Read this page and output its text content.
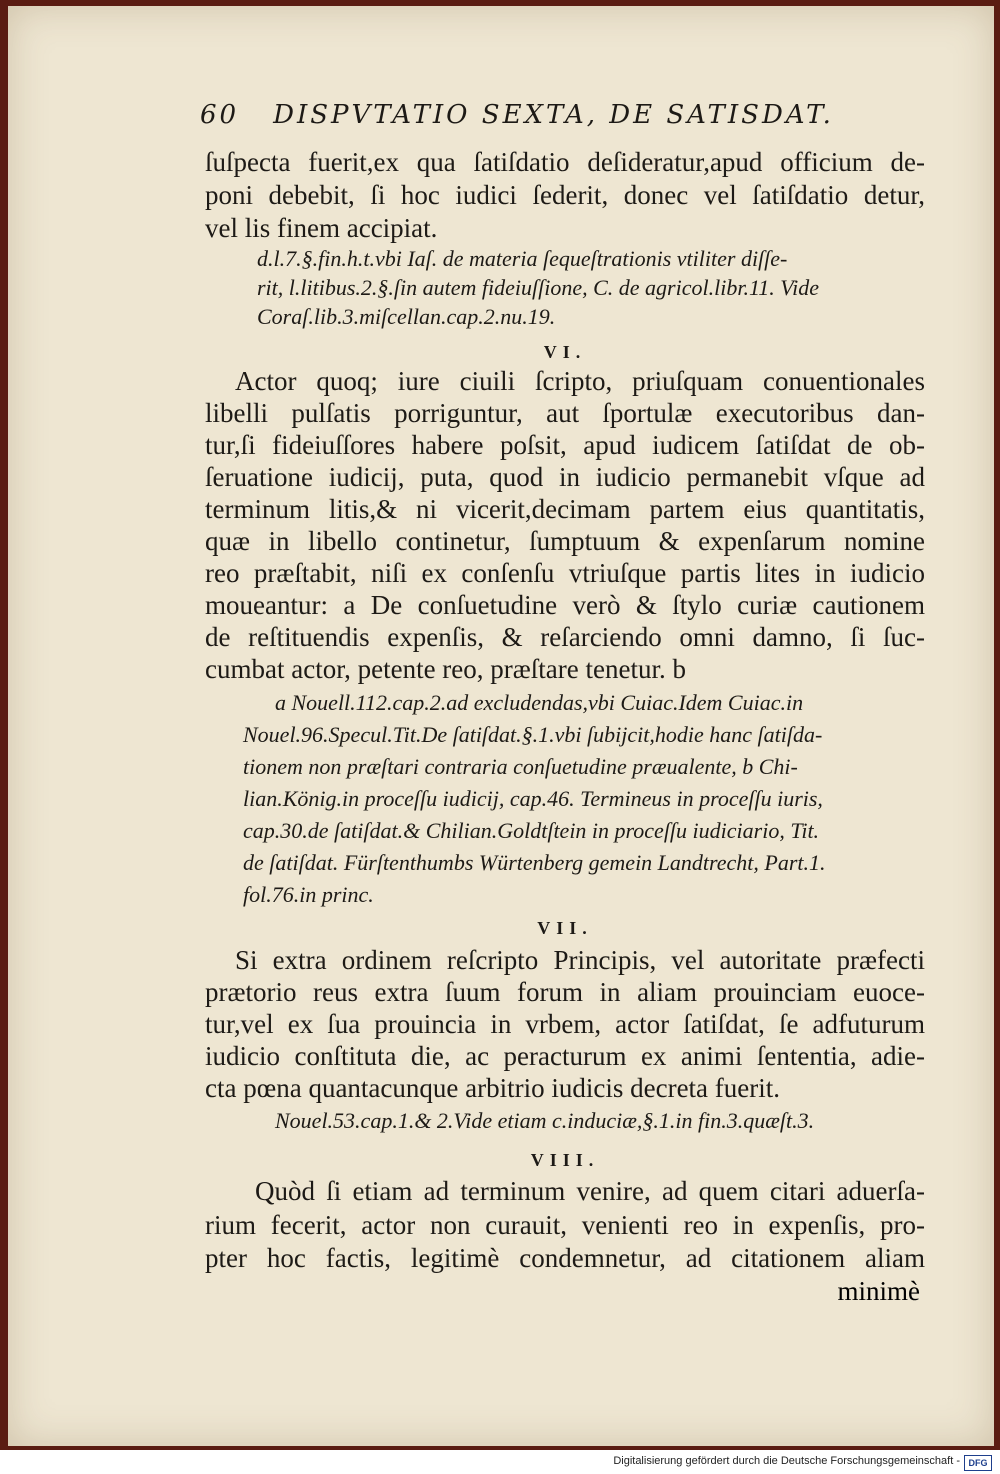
60 DISPVTATIO SEXTA, DE SATISDAT.
ſuſpecta fuerit,ex qua ſatiſdatio deſideratur,apud officium de-
poni debebit, ſi hoc iudici ſederit, donec vel ſatiſdatio detur,
vel lis finem accipiat.
d.l.7.§.fin.h.t.vbi Iaſ. de materia ſequeſtrationis vtiliter diſſe-
rit, l.litibus.2.§.ſin autem fideiuſſione, C. de agricol.libr.11. Vide
Coraſ.lib.3.miſcellan.cap.2.nu.19.
VI.
Actor quoq; iure ciuili ſcripto, priuſquam conuentionales
libelli pulſatis porriguntur, aut ſportulæ executoribus dan-
tur,ſi fideiuſſores habere poſsit, apud iudicem ſatiſdat de ob-
ſeruatione iudicij, puta, quod in iudicio permanebit vſque ad
terminum litis,& ni vicerit,decimam partem eius quantitatis,
quæ in libello continetur, ſumptuum & expenſarum nomine
reo præſtabit, niſi ex conſenſu vtriuſque partis lites in iudicio
moueantur: a De conſuetudine verò & ſtylo curiæ cautionem
de reſtituendis expenſis, & reſarciendo omni damno, ſi ſuc-
cumbat actor, petente reo, præſtare tenetur. b
a Nouell.112.cap.2.ad excludendas,vbi Cuiac.Idem Cuiac.in
Nouel.96.Specul.Tit.De ſatiſdat.§.1.vbi ſubijcit,hodie hanc ſatiſda-
tionem non præſtari contraria conſuetudine præualente, b Chi-
lian.König.in proceſſu iudicij, cap.46. Termineus in proceſſu iuris,
cap.30.de ſatiſdat.& Chilian.Goldtſtein in proceſſu iudiciario, Tit.
de ſatiſdat. Fürſtenthumbs Würtenberg gemein Landtrecht, Part.1.
fol.76.in princ.
VII.
Si extra ordinem reſcripto Principis, vel autoritate præfecti
prætorio reus extra ſuum forum in aliam prouinciam euoce-
tur,vel ex ſua prouincia in vrbem, actor ſatiſdat, ſe adfuturum
iudicio conſtituta die, ac peracturum ex animi ſententia, adie-
cta pœna quantacunque arbitrio iudicis decreta fuerit.
Nouel.53.cap.1.& 2.Vide etiam c.induciæ,§.1.in fin.3.quæſt.3.
VIII.
Quòd ſi etiam ad terminum venire, ad quem citari aduerſa-
rium fecerit, actor non curauit, venienti reo in expenſis, pro-
pter hoc factis, legitimè condemnetur, ad citationem aliam
minimè
Digitalisierung gefördert durch die Deutsche Forschungsgemeinschaft - DFG
